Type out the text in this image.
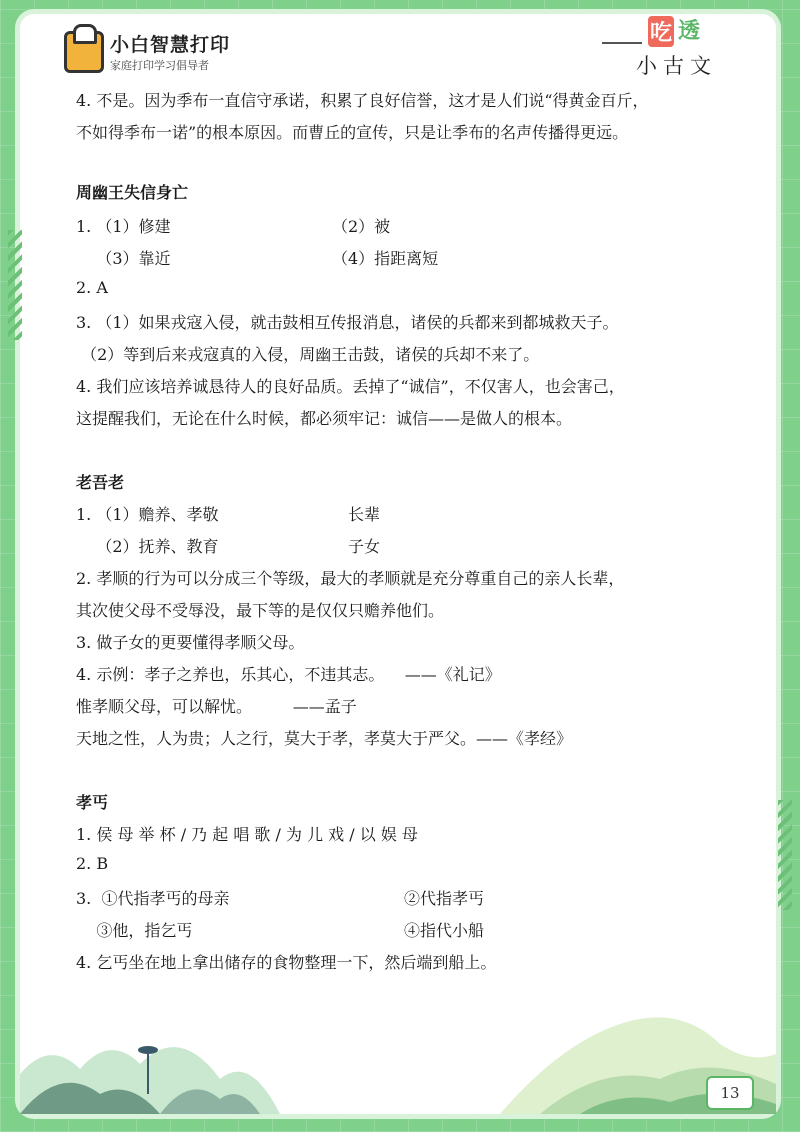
小白智慧打印
家庭打印学习倡导者
吃 透
小古文
4. 不是。因为季布一直信守承诺，积累了良好信誉，这才是人们说“得黄金百斤，
不如得季布一诺”的根本原因。而曹丘的宣传，只是让季布的名声传播得更远。
周幽王失信身亡
1. （1）修建	（2）被
（3）靠近	（4）指距离短
2. A
3. （1）如果戎寇入侵，就击鼓相互传报消息，诸侯的兵都来到都城救天子。
（2）等到后来戎寇真的入侵，周幽王击鼓，诸侯的兵却不来了。
4. 我们应该培养诚恳待人的良好品质。丢掉了“诚信”，不仅害人，也会害己，
这提醒我们，无论在什么时候，都必须牢记：诚信——是做人的根本。
老吾老
1. （1）赡养、孝敬	长辈
（2）抚养、教育	子女
2. 孝顺的行为可以分成三个等级，最大的孝顺就是充分尊重自己的亲人长辈，
其次使父母不受辱没，最下等的是仅仅只赡养他们。
3. 做子女的更要懂得孝顺父母。
4. 示例：孝子之养也，乐其心，不违其志。    ——《礼记》
惟孝顺父母，可以解忧。        ——孟子
天地之性，人为贵；人之行，莫大于孝，孝莫大于严父。——《孝经》
孝丐
1. 侯 母 举 杯 / 乃 起 唱 歌 / 为 儿 戏 / 以 娱 母
2. B
3.  ①代指孝丐的母亲	②代指孝丐
③他，指乞丐	④指代小船
4. 乞丐坐在地上拿出储存的食物整理一下，然后端到船上。
13
